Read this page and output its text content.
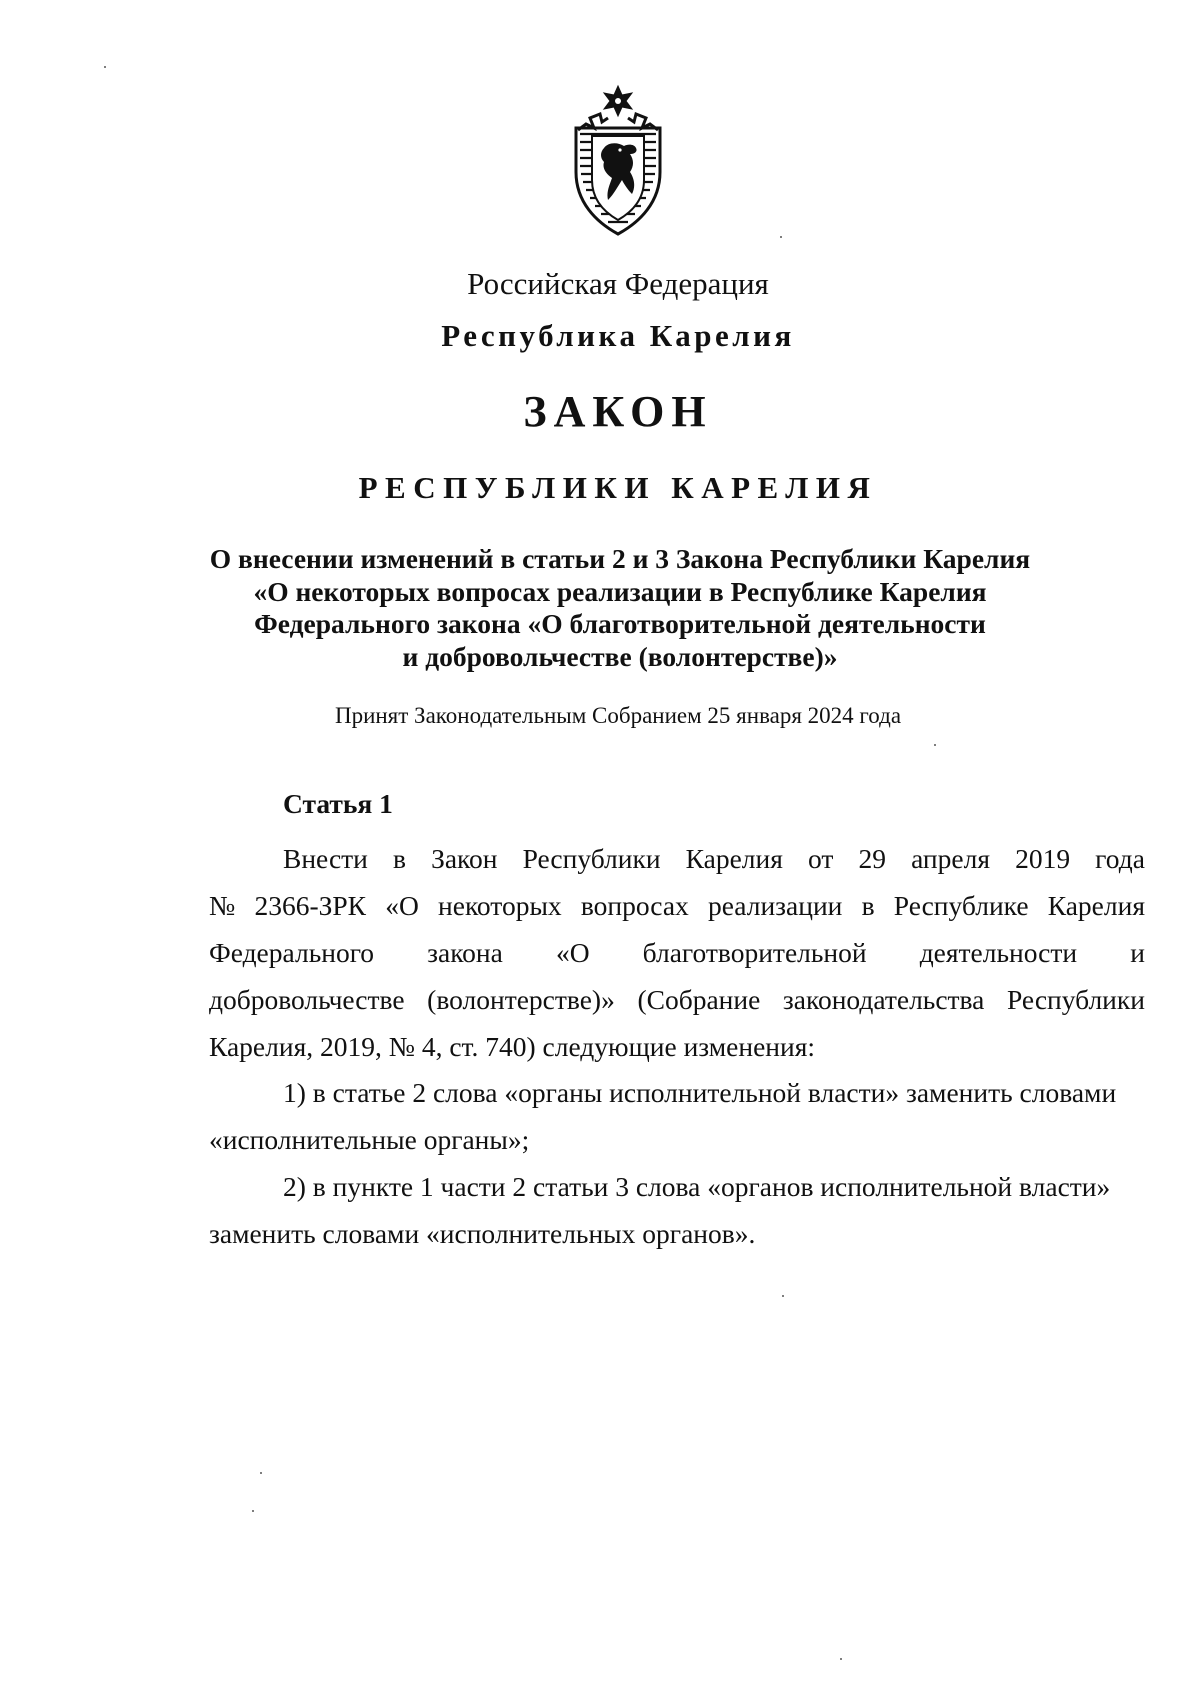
Российская Федерация
Республика Карелия
ЗАКОН
РЕСПУБЛИКИ КАРЕЛИЯ
О внесении изменений в статьи 2 и 3 Закона Республики Карелия
«О некоторых вопросах реализации в Республике Карелия
Федерального закона «О благотворительной деятельности
и добровольчестве (волонтерстве)»
Принят Законодательным Собранием 25 января 2024 года
Статья 1
Внести в Закон Республики Карелия от 29 апреля 2019 года
№ 2366-ЗРК «О некоторых вопросах реализации в Республике Карелия
Федерального закона «О благотворительной деятельности и
добровольчестве (волонтерстве)» (Собрание законодательства Республики
Карелия, 2019, № 4, ст. 740) следующие изменения:
1) в статье 2 слова «органы исполнительной власти» заменить словами
«исполнительные органы»;
2) в пункте 1 части 2 статьи 3 слова «органов исполнительной власти»
заменить словами «исполнительных органов».
